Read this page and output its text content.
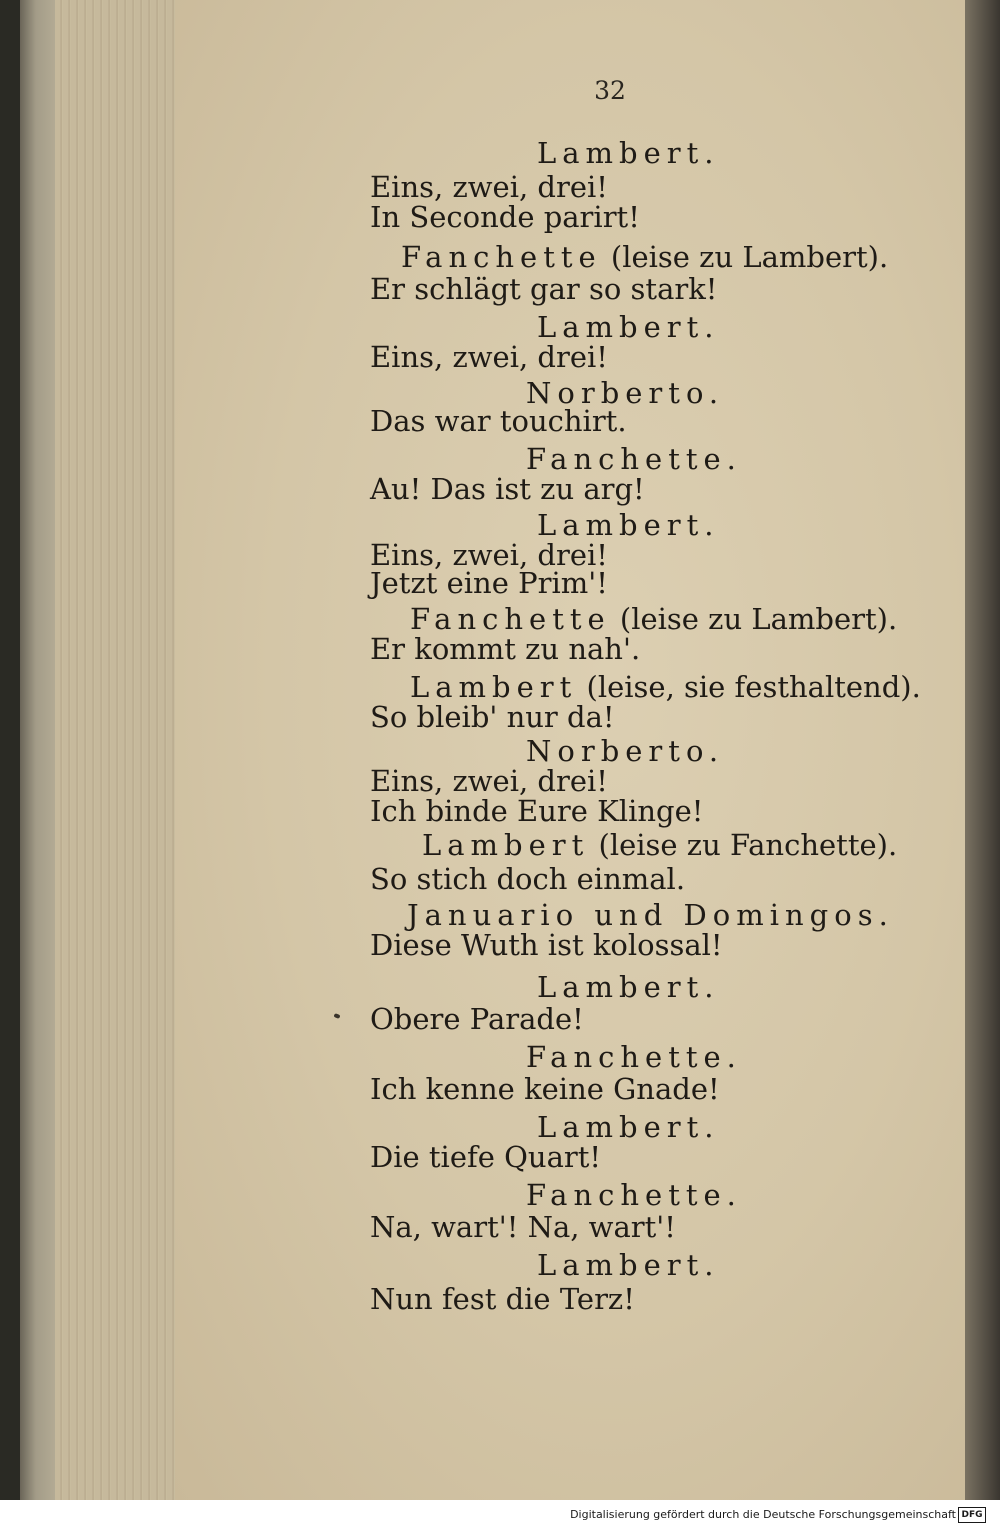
32
Lambert.
Eins, zwei, drei!
In Seconde parirt!
Fanchette (leise zu Lambert).
Er schlägt gar so stark!
Lambert.
Eins, zwei, drei!
Norberto.
Das war touchirt.
Fanchette.
Au! Das ist zu arg!
Lambert.
Eins, zwei, drei!
Jetzt eine Prim'!
Fanchette (leise zu Lambert).
Er kommt zu nah'.
Lambert (leise, sie festhaltend).
So bleib' nur da!
Norberto.
Eins, zwei, drei!
Ich binde Eure Klinge!
Lambert (leise zu Fanchette).
So stich doch einmal.
Januario und Domingos.
Diese Wuth ist kolossal!
Lambert.
Obere Parade!
Fanchette.
Ich kenne keine Gnade!
Lambert.
Die tiefe Quart!
Fanchette.
Na, wart'! Na, wart'!
Lambert.
Nun fest die Terz!
Digitalisierung gefördert durch die Deutsche Forschungsgemeinschaft DFG
